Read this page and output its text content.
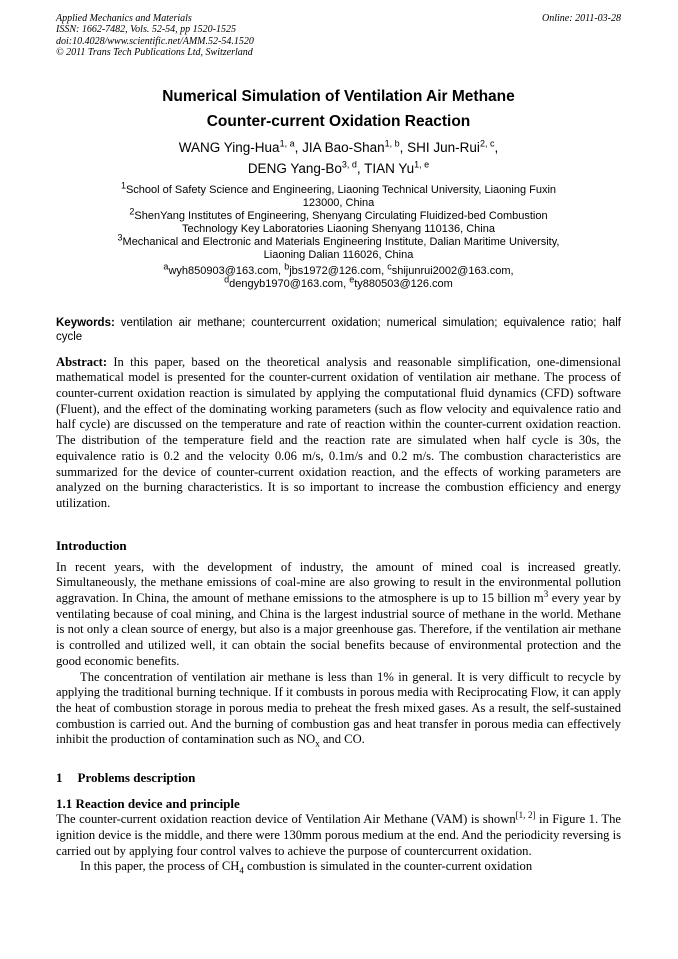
Applied Mechanics and Materials
ISSN: 1662-7482, Vols. 52-54, pp 1520-1525
doi:10.4028/www.scientific.net/AMM.52-54.1520
© 2011 Trans Tech Publications Ltd, Switzerland
Online: 2011-03-28
Numerical Simulation of Ventilation Air Methane
Counter-current Oxidation Reaction
WANG Ying-Hua$^{1, a}$, JIA Bao-Shan$^{1, b}$, SHI Jun-Rui$^{2, c}$,
DENG Yang-Bo$^{3, d}$, TIAN Yu$^{1, e}$
$^1$School of Safety Science and Engineering, Liaoning Technical University, Liaoning Fuxin
123000, China
$^2$ShenYang Institutes of Engineering, Shenyang Circulating Fluidized-bed Combustion
Technology Key Laboratories Liaoning Shenyang 110136, China
$^3$Mechanical and Electronic and Materials Engineering Institute, Dalian Maritime University,
Liaoning Dalian 116026, China
$^a$wyh850903@163.com, $^b$jbs1972@126.com, $^c$shijunrui2002@163.com,
$^d$dengyb1970@163.com, $^e$ty880503@126.com
Keywords: ventilation air methane; countercurrent oxidation; numerical simulation; equivalence ratio; half cycle
Abstract: In this paper, based on the theoretical analysis and reasonable simplification, one-dimensional mathematical model is presented for the counter-current oxidation of ventilation air methane. The process of counter-current oxidation reaction is simulated by applying the computational fluid dynamics (CFD) software (Fluent), and the effect of the dominating working parameters (such as flow velocity and equivalence ratio and half cycle) are discussed on the temperature and rate of reaction within the counter-current oxidation reaction. The distribution of the temperature field and the reaction rate are simulated when half cycle is 30s, the equivalence ratio is 0.2 and the velocity 0.06 m/s, 0.1m/s and 0.2 m/s. The combustion characteristics are summarized for the device of counter-current oxidation reaction, and the effects of working parameters are analyzed on the burning characteristics. It is so important to increase the combustion efficiency and energy utilization.
Introduction
In recent years, with the development of industry, the amount of mined coal is increased greatly. Simultaneously, the methane emissions of coal-mine are also growing to result in the environmental pollution aggravation. In China, the amount of methane emissions to the atmosphere is up to 15 billion $m^3$ every year by ventilating because of coal mining, and China is the largest industrial source of methane in the world. Methane is not only a clean source of energy, but also is a major greenhouse gas. Therefore, if the ventilation air methane is controlled and utilized well, it can obtain the social benefits because of environmental protection and the good economic benefits.
The concentration of ventilation air methane is less than 1% in general. It is very difficult to recycle by applying the traditional burning technique. If it combusts in porous media with Reciprocating Flow, it can apply the heat of combustion storage in porous media to preheat the fresh mixed gases. As a result, the self-sustained combustion is carried out. And the burning of combustion gas and heat transfer in porous media can effectively inhibit the production of contamination such as $NO_x$ and CO.
1 Problems description
1.1 Reaction device and principle
The counter-current oxidation reaction device of Ventilation Air Methane (VAM) is shown[1, 2] in Figure 1. The ignition device is the middle, and there were 130mm porous medium at the end. And the periodicity reversing is carried out by applying four control valves to achieve the purpose of countercurrent oxidation.
In this paper, the process of $CH_4$ combustion is simulated in the counter-current oxidation
